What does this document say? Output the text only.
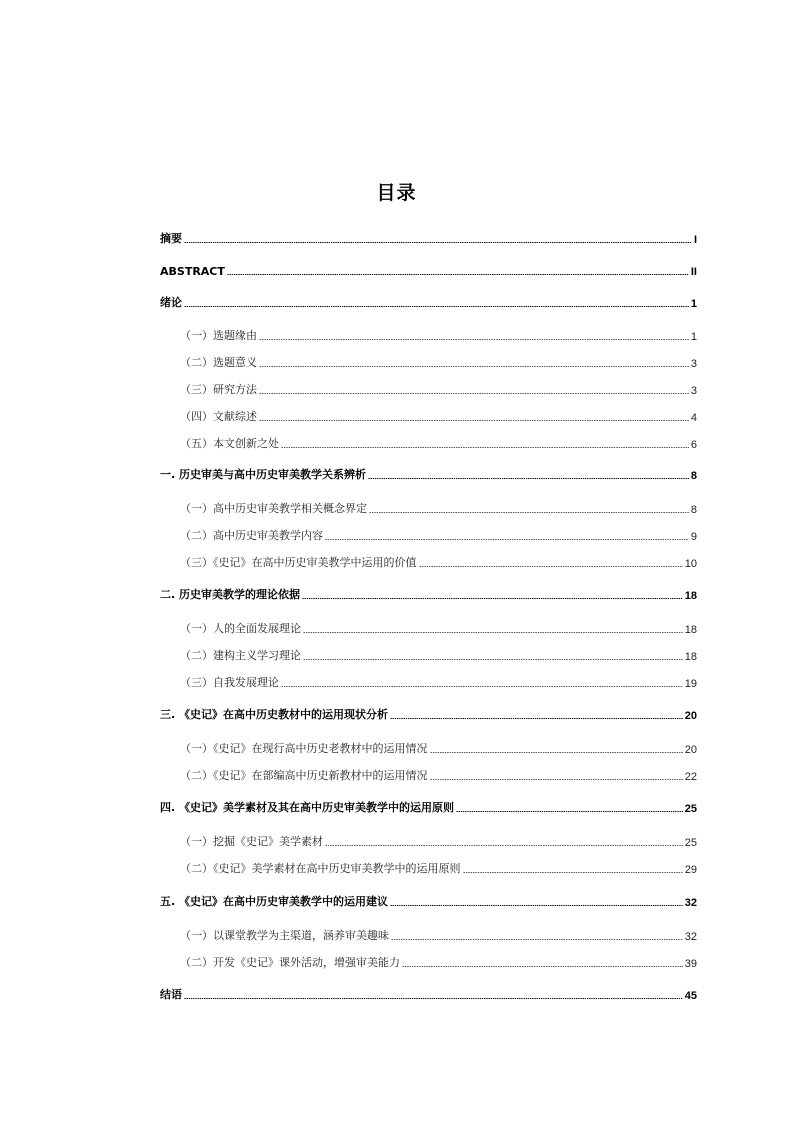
目录
摘要	I
ABSTRACT	II
绪论	1
（一）选题缘由	1
（二）选题意义	3
（三）研究方法	3
（四）文献综述	4
（五）本文创新之处	6
一. 历史审美与高中历史审美教学关系辨析	8
（一）高中历史审美教学相关概念界定	8
（二）高中历史审美教学内容	9
（三）《史记》在高中历史审美教学中运用的价值	10
二. 历史审美教学的理论依据	18
（一）人的全面发展理论	18
（二）建构主义学习理论	18
（三）自我发展理论	19
三. 《史记》在高中历史教材中的运用现状分析	20
（一）《史记》在现行高中历史老教材中的运用情况	20
（二）《史记》在部编高中历史新教材中的运用情况	22
四. 《史记》美学素材及其在高中历史审美教学中的运用原则	25
（一）挖掘《史记》美学素材	25
（二）《史记》美学素材在高中历史审美教学中的运用原则	29
五. 《史记》在高中历史审美教学中的运用建议	32
（一）以课堂教学为主渠道，涵养审美趣味	32
（二）开发《史记》课外活动，增强审美能力	39
结语	45
